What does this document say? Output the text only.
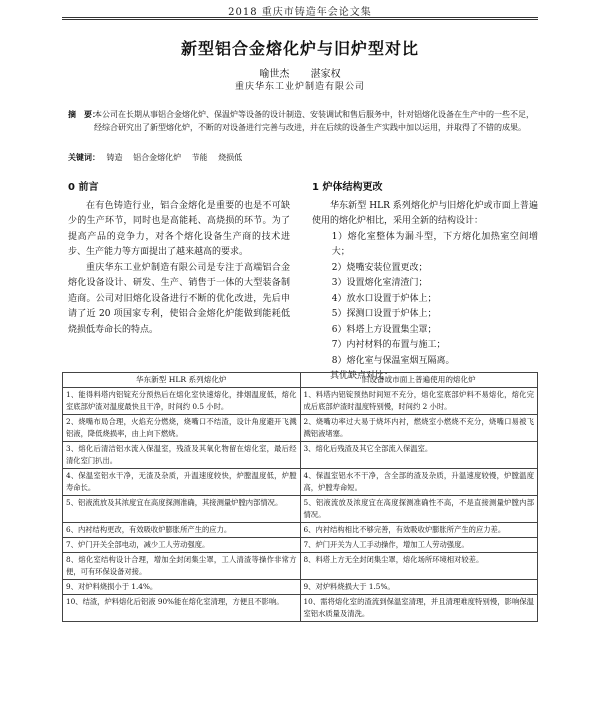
2018 重庆市铸造年会论文集
新型铝合金熔化炉与旧炉型对比
喻世杰 湛家权
重庆华东工业炉制造有限公司
摘　要：
本公司在长期从事铝合金熔化炉、保温炉等设备的设计制造、安装调试和售后服务中，针对铝熔化设备在生产中的一些不足，经综合研究出了新型熔化炉，不断的对设备进行完善与改进，并在后续的设备生产实践中加以运用，并取得了不错的成果。
关键词： 铸造 铝合金熔化炉 节能 烧损低
0 前言

在有色铸造行业，铝合金熔化是重要的也是不可缺少的生产环节，同时也是高能耗、高烧损的环节。为了提高产品的竞争力，对各个熔化设备生产商的技术进步、生产能力等方面提出了越来越高的要求。

重庆华东工业炉制造有限公司是专注于高端铝合金熔化设备设计、研发、生产、销售于一体的大型装备制造商。公司对旧熔化设备进行不断的优化改进，先后申请了近 20 项国家专利，使铝合金熔化炉能做到能耗低烧损低寿命长的特点。

1 炉体结构更改

华东新型 HLR 系列熔化炉与旧熔化炉或市面上普遍使用的熔化炉相比，采用全新的结构设计：

1）熔化室整体为漏斗型，下方熔化加热室空间增大；
2）烧嘴安装位置更改；
3）设置熔化室清渣门；
4）放水口设置于炉体上；
5）探测口设置于炉体上；
6）料塔上方设置集尘罩；
7）内衬材料的布置与施工；
8）熔化室与保温室烟互隔离。

其优缺点对比：

华东新型 HLR 系列熔化炉	旧设备或市面上普遍使用的熔化炉
1、能得料塔内铝锭充分预热后在熔化室快速熔化，排烟温度低，熔化室底部炉渣对温度最快且干净，时间约 0.5 小时。	1、料塔内铝锭预热时间短不充分，熔化室底部炉料不易熔化，熔化完成后底部炉渣时温度特别慢，时间约 2 小时。
2、烧嘴布局合理，火焰充分燃烧，烧嘴口不结渣，设计角度避开飞溅铝液，降低烧损率，由上向下燃烧。	2、烧嘴功率过大易于烧坏内衬，燃烧室小燃烧不充分，烧嘴口易被飞溅铝液堵塞。
3、熔化后清洁铝水流入保温室，残渣及其氧化物留在熔化室，最后经清化室门扒出。	3、熔化后残渣及其它全部流入保温室。
4、保温室铝水干净，无渣及杂质，升温速度较快，炉膛温度低，炉膛寿命长。	4、保温室铝水不干净，含全部的渣及杂质，升温速度较慢，炉膛温度高，炉膛寿命短。
5、铝液流放及其浓度宜在高度探测准确，其接测量炉膛内部情况。	5、铝液流放及浓度宜在高度探测准确性不高，不是直接测量炉膛内部情况。
6、内衬结构更改，有效吸收炉膨胀所产生的应力。	6、内衬结构相比不够完善，有效吸收炉膨胀所产生的应力差。
7、炉门开关全部电动，减少工人劳动强度。	7、炉门开关为人工手动操作，增加工人劳动强度。
8、熔化室结构设计合理，增加全封闭集尘罩，工人清渣等操作非常方便，可有环保设备对接。	8、料塔上方无全封闭集尘罩，熔化场所环境相对较差。
9、对炉料烧损小于 1.4%。	9、对炉料烧损大于 1.5%。
10、结渣，炉料熔化后铝液 90%能在熔化室清理，方便且不影响。	10、需将熔化室的渣流到保温室清理，并且清理难度特别慢，影响保温室铝水质量及清洗。
